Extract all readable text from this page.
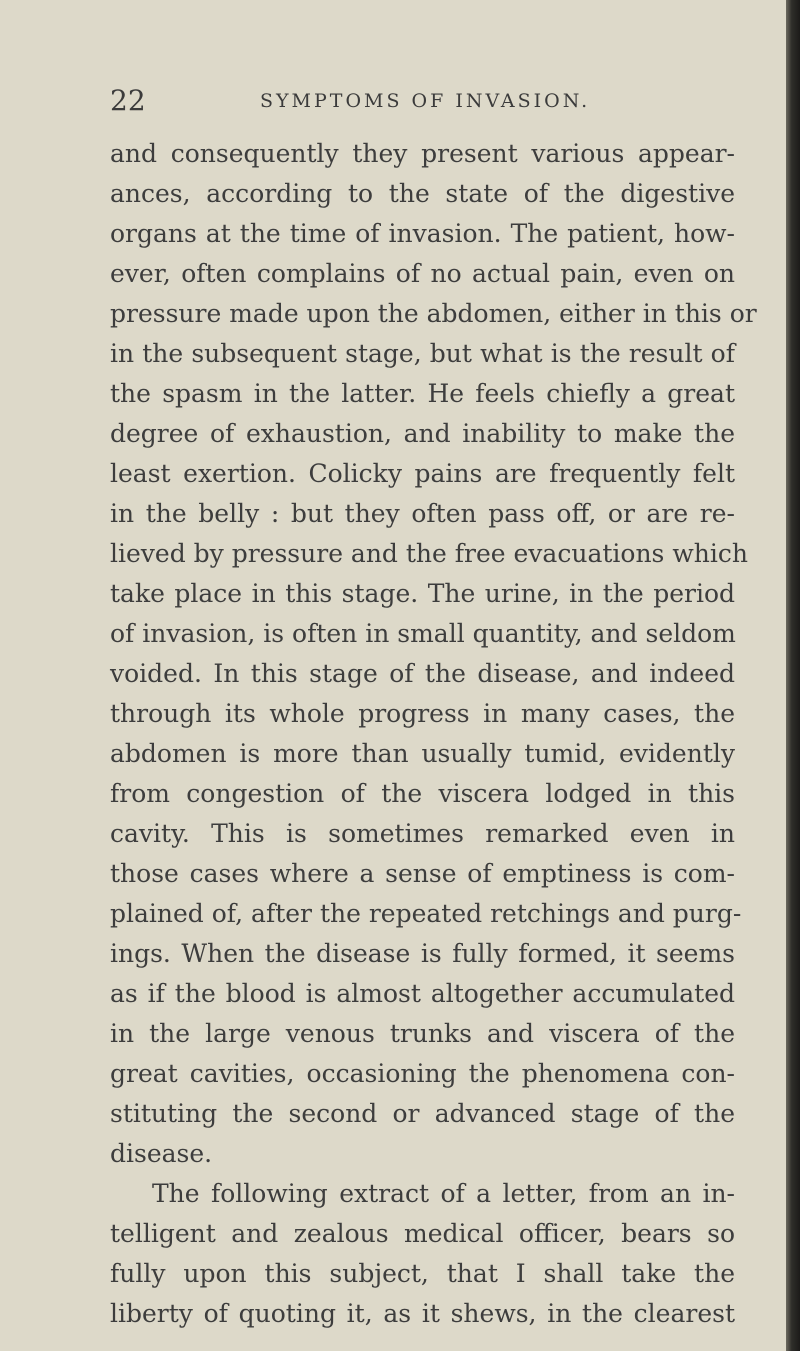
22	SYMPTOMS OF INVASION.
and consequently they present various appear-
ances, according to the state of the digestive
organs at the time of invasion. The patient, how-
ever, often complains of no actual pain, even on
pressure made upon the abdomen, either in this or
in the subsequent stage, but what is the result of
the spasm in the latter. He feels chiefly a great
degree of exhaustion, and inability to make the
least exertion. Colicky pains are frequently felt
in the belly : but they often pass off, or are re-
lieved by pressure and the free evacuations which
take place in this stage. The urine, in the period
of invasion, is often in small quantity, and seldom
voided. In this stage of the disease, and indeed
through its whole progress in many cases, the
abdomen is more than usually tumid, evidently
from congestion of the viscera lodged in this
cavity. This is sometimes remarked even in
those cases where a sense of emptiness is com-
plained of, after the repeated retchings and purg-
ings. When the disease is fully formed, it seems
as if the blood is almost altogether accumulated
in the large venous trunks and viscera of the
great cavities, occasioning the phenomena con-
stituting the second or advanced stage of the
disease.
The following extract of a letter, from an in-
telligent and zealous medical officer, bears so
fully upon this subject, that I shall take the
liberty of quoting it, as it shews, in the clearest
